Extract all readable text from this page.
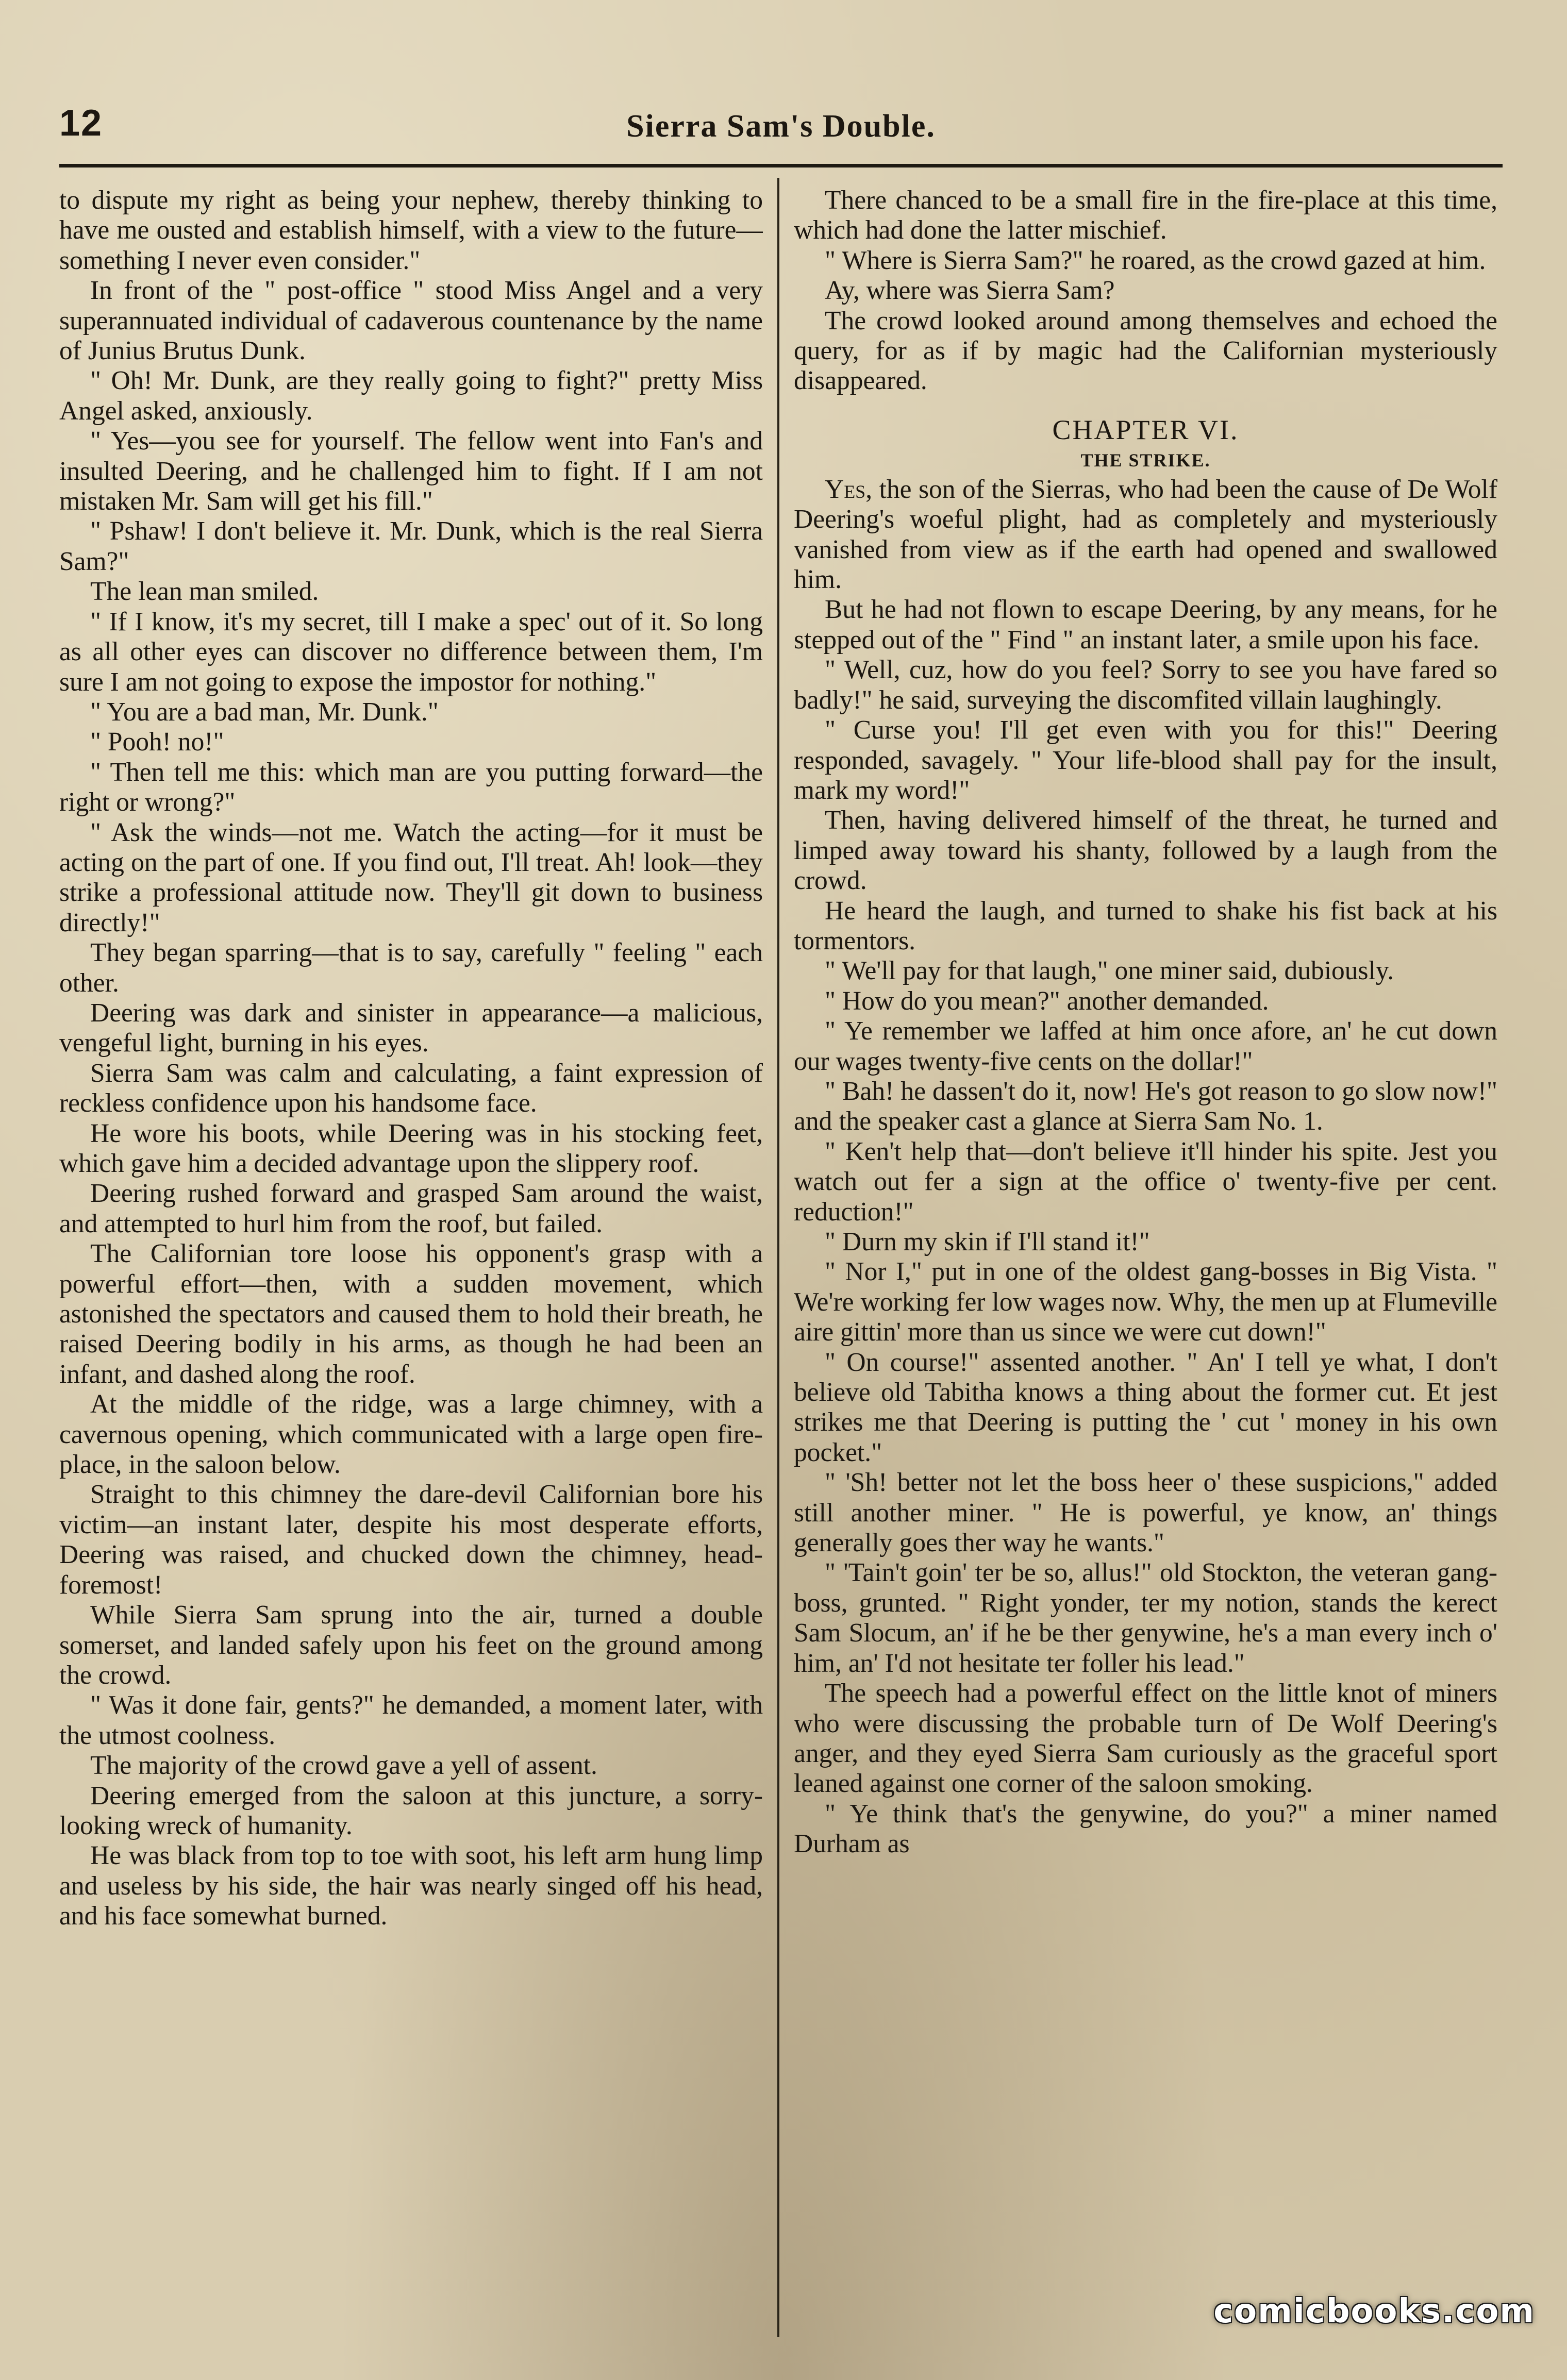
12	Sierra Sam's Double.

to dispute my right as being your nephew, thereby thinking to have me ousted and establish himself, with a view to the future—something I never even consider."

In front of the " post-office " stood Miss Angel and a very superannuated individual of cadaverous countenance by the name of Junius Brutus Dunk.

" Oh! Mr. Dunk, are they really going to fight?" pretty Miss Angel asked, anxiously.

" Yes—you see for yourself. The fellow went into Fan's and insulted Deering, and he challenged him to fight. If I am not mistaken Mr. Sam will get his fill."

" Pshaw! I don't believe it. Mr. Dunk, which is the real Sierra Sam?"

The lean man smiled.

" If I know, it's my secret, till I make a spec' out of it. So long as all other eyes can discover no difference between them, I'm sure I am not going to expose the impostor for nothing."

" You are a bad man, Mr. Dunk."

" Pooh! no!"

" Then tell me this: which man are you putting forward—the right or wrong?"

" Ask the winds—not me. Watch the acting—for it must be acting on the part of one. If you find out, I'll treat. Ah! look—they strike a professional attitude now. They'll git down to business directly!"

They began sparring—that is to say, carefully " feeling " each other.

Deering was dark and sinister in appearance—a malicious, vengeful light, burning in his eyes.

Sierra Sam was calm and calculating, a faint expression of reckless confidence upon his handsome face.

He wore his boots, while Deering was in his stocking feet, which gave him a decided advantage upon the slippery roof.

Deering rushed forward and grasped Sam around the waist, and attempted to hurl him from the roof, but failed.

The Californian tore loose his opponent's grasp with a powerful effort—then, with a sudden movement, which astonished the spectators and caused them to hold their breath, he raised Deering bodily in his arms, as though he had been an infant, and dashed along the roof.

At the middle of the ridge, was a large chimney, with a cavernous opening, which communicated with a large open fire-place, in the saloon below.

Straight to this chimney the dare-devil Californian bore his victim—an instant later, despite his most desperate efforts, Deering was raised, and chucked down the chimney, head-foremost!

While Sierra Sam sprung into the air, turned a double somerset, and landed safely upon his feet on the ground among the crowd.

" Was it done fair, gents?" he demanded, a moment later, with the utmost coolness.

The majority of the crowd gave a yell of assent.

Deering emerged from the saloon at this juncture, a sorry-looking wreck of humanity.

He was black from top to toe with soot, his left arm hung limp and useless by his side, the hair was nearly singed off his head, and his face somewhat burned.

There chanced to be a small fire in the fire-place at this time, which had done the latter mischief.

" Where is Sierra Sam?" he roared, as the crowd gazed at him.

Ay, where was Sierra Sam?

The crowd looked around among themselves and echoed the query, for as if by magic had the Californian mysteriously disappeared.

CHAPTER VI.
THE STRIKE.

Yes, the son of the Sierras, who had been the cause of De Wolf Deering's woeful plight, had as completely and mysteriously vanished from view as if the earth had opened and swallowed him.

But he had not flown to escape Deering, by any means, for he stepped out of the " Find " an instant later, a smile upon his face.

" Well, cuz, how do you feel? Sorry to see you have fared so badly!" he said, surveying the discomfited villain laughingly.

" Curse you! I'll get even with you for this!" Deering responded, savagely. " Your life-blood shall pay for the insult, mark my word!"

Then, having delivered himself of the threat, he turned and limped away toward his shanty, followed by a laugh from the crowd.

He heard the laugh, and turned to shake his fist back at his tormentors.

" We'll pay for that laugh," one miner said, dubiously.

" How do you mean?" another demanded.

" Ye remember we laffed at him once afore, an' he cut down our wages twenty-five cents on the dollar!"

" Bah! he dassen't do it, now! He's got reason to go slow now!" and the speaker cast a glance at Sierra Sam No. 1.

" Ken't help that—don't believe it'll hinder his spite. Jest you watch out fer a sign at the office o' twenty-five per cent. reduction!"

" Durn my skin if I'll stand it!"

" Nor I," put in one of the oldest gang-bosses in Big Vista. " We're working fer low wages now. Why, the men up at Flumeville aire gittin' more than us since we were cut down!"

" On course!" assented another. " An' I tell ye what, I don't believe old Tabitha knows a thing about the former cut. Et jest strikes me that Deering is putting the ' cut ' money in his own pocket."

" 'Sh! better not let the boss heer o' these suspicions," added still another miner. " He is powerful, ye know, an' things generally goes ther way he wants."

" 'Tain't goin' ter be so, allus!" old Stockton, the veteran gang-boss, grunted. " Right yonder, ter my notion, stands the kerect Sam Slocum, an' if he be ther genywine, he's a man every inch o' him, an' I'd not hesitate ter foller his lead."

The speech had a powerful effect on the little knot of miners who were discussing the probable turn of De Wolf Deering's anger, and they eyed Sierra Sam curiously as the graceful sport leaned against one corner of the saloon smoking.

" Ye think that's the genywine, do you?" a miner named Durham as

comicbooks.com
